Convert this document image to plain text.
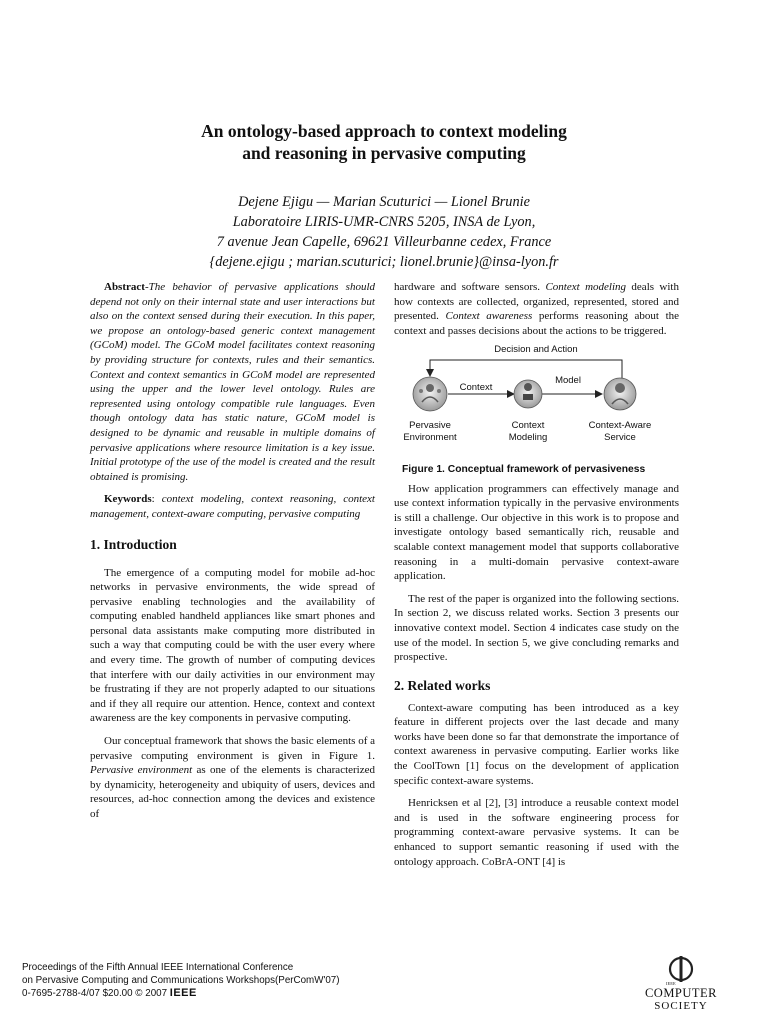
An ontology-based approach to context modeling
and reasoning in pervasive computing
Dejene Ejigu — Marian Scuturici — Lionel Brunie
Laboratoire LIRIS-UMR-CNRS 5205, INSA de Lyon,
7 avenue Jean Capelle, 69621 Villeurbanne cedex, France
{dejene.ejigu ; marian.scuturici; lionel.brunie}@insa-lyon.fr

Abstract-The behavior of pervasive applications should depend not only on their internal state and user interactions but also on the context sensed during their execution. In this paper, we propose an ontology-based generic context management (GCoM) model. The GCoM model facilitates context reasoning by providing structure for contexts, rules and their semantics. Context and context semantics in GCoM model are represented using the upper and the lower level ontology. Rules are represented using ontology compatible rule languages. Even though ontology data has static nature, GCoM model is designed to be dynamic and reusable in multiple domains of pervasive applications where resource limitation is a key issue. Initial prototype of the use of the model is created and the result obtained is promising.

Keywords: context modeling, context reasoning, context management, context-aware computing, pervasive computing

1. Introduction

The emergence of a computing model for mobile ad-hoc networks in pervasive environments, the wide spread of pervasive enabling technologies and the availability of computing enabled handheld appliances like smart phones and personal data assistants make computing more distributed in such a way that computing could be with the user every where and every time. The growth of number of computing devices that interfere with our daily activities in our environment may be frustrating if they are not properly adapted to our situations and if they all require our attention. Hence, context and context awareness are the key components in pervasive computing.

Our conceptual framework that shows the basic elements of a pervasive computing environment is given in Figure 1. Pervasive environment as one of the elements is characterized by dynamicity, heterogeneity and ubiquity of users, devices and resources, ad-hoc connection among the devices and existence of

hardware and software sensors. Context modeling deals with how contexts are collected, organized, represented, stored and presented. Context awareness performs reasoning about the context and passes decisions about the actions to be triggered.

Decision and Action
Context
Model
Pervasive
Environment
Context
Modeling
Context-Aware
Service
Figure 1. Conceptual framework of pervasiveness

How application programmers can effectively manage and use context information typically in the pervasive environments is still a challenge. Our objective in this work is to propose and investigate ontology based semantically rich, reusable and scalable context management model that supports collaborative reasoning in a multi-domain pervasive context-aware application.

The rest of the paper is organized into the following sections. In section 2, we discuss related works. Section 3 presents our innovative context model. Section 4 indicates case study on the use of the model. In section 5, we give concluding remarks and prospective.

2. Related works

Context-aware computing has been introduced as a key feature in different projects over the last decade and many works have been done so far that demonstrate the importance of context awareness in pervasive computing. Earlier works like the CoolTown [1] focus on the development of application specific context-aware systems.

Henricksen et al [2], [3] introduce a reusable context model and is used in the software engineering process for programming context-aware pervasive systems. It can be enhanced to support semantic reasoning if used with the ontology approach. CoBrA-ONT [4] is

Proceedings of the Fifth Annual IEEE International Conference
on Pervasive Computing and Communications Workshops(PerComW'07)
0-7695-2788-4/07 $20.00 © 2007 IEEE
IEEE
COMPUTER
SOCIETY
